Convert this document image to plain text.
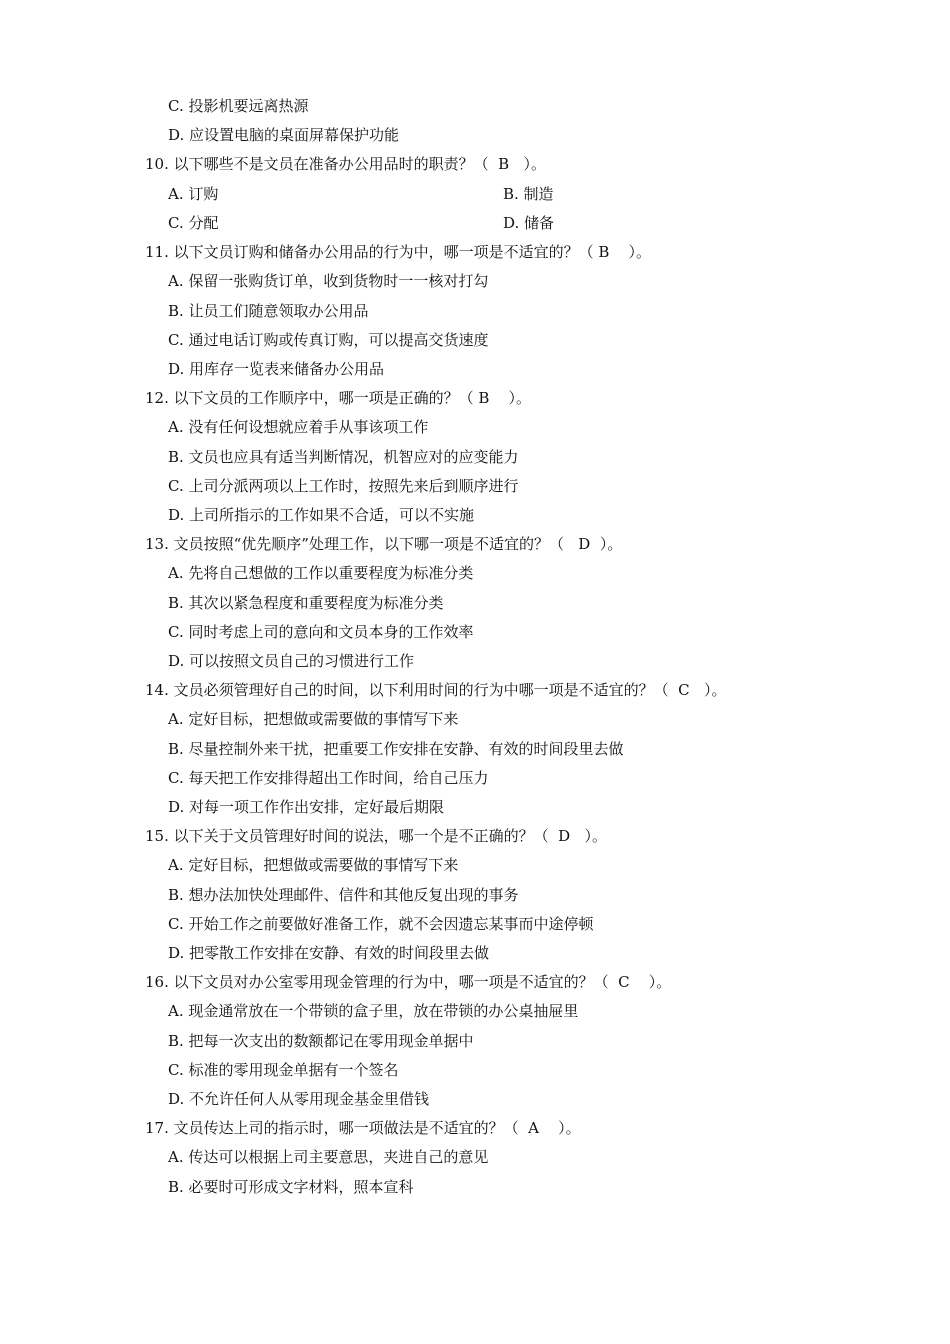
C. 投影机要远离热源
D. 应设置电脑的桌面屏幕保护功能
10. 以下哪些不是文员在准备办公用品时的职责？（  B   ）。
A. 订购	B. 制造
C. 分配	D. 储备
11. 以下文员订购和储备办公用品的行为中，哪一项是不适宜的？（ B    ）。
A. 保留一张购货订单，收到货物时一一核对打勾
B. 让员工们随意领取办公用品
C. 通过电话订购或传真订购，可以提高交货速度
D. 用库存一览表来储备办公用品
12. 以下文员的工作顺序中，哪一项是正确的？（ B    ）。
A. 没有任何设想就应着手从事该项工作
B. 文员也应具有适当判断情况，机智应对的应变能力
C. 上司分派两项以上工作时，按照先来后到顺序进行
D. 上司所指示的工作如果不合适，可以不实施
13. 文员按照“优先顺序”处理工作，以下哪一项是不适宜的？（   D  ）。
A. 先将自己想做的工作以重要程度为标准分类
B. 其次以紧急程度和重要程度为标准分类
C. 同时考虑上司的意向和文员本身的工作效率
D. 可以按照文员自己的习惯进行工作
14. 文员必须管理好自己的时间，以下利用时间的行为中哪一项是不适宜的？（  C   ）。
A. 定好目标，把想做或需要做的事情写下来
B. 尽量控制外来干扰，把重要工作安排在安静、有效的时间段里去做
C. 每天把工作安排得超出工作时间，给自己压力
D. 对每一项工作作出安排，定好最后期限
15. 以下关于文员管理好时间的说法，哪一个是不正确的？（  D   ）。
A. 定好目标，把想做或需要做的事情写下来
B. 想办法加快处理邮件、信件和其他反复出现的事务
C. 开始工作之前要做好准备工作，就不会因遗忘某事而中途停顿
D. 把零散工作安排在安静、有效的时间段里去做
16. 以下文员对办公室零用现金管理的行为中，哪一项是不适宜的？（  C    ）。
A. 现金通常放在一个带锁的盒子里，放在带锁的办公桌抽屉里
B. 把每一次支出的数额都记在零用现金单据中
C. 标准的零用现金单据有一个签名
D. 不允许任何人从零用现金基金里借钱
17. 文员传达上司的指示时，哪一项做法是不适宜的？（  A    ）。
A. 传达可以根据上司主要意思，夹进自己的意见
B. 必要时可形成文字材料，照本宣科
